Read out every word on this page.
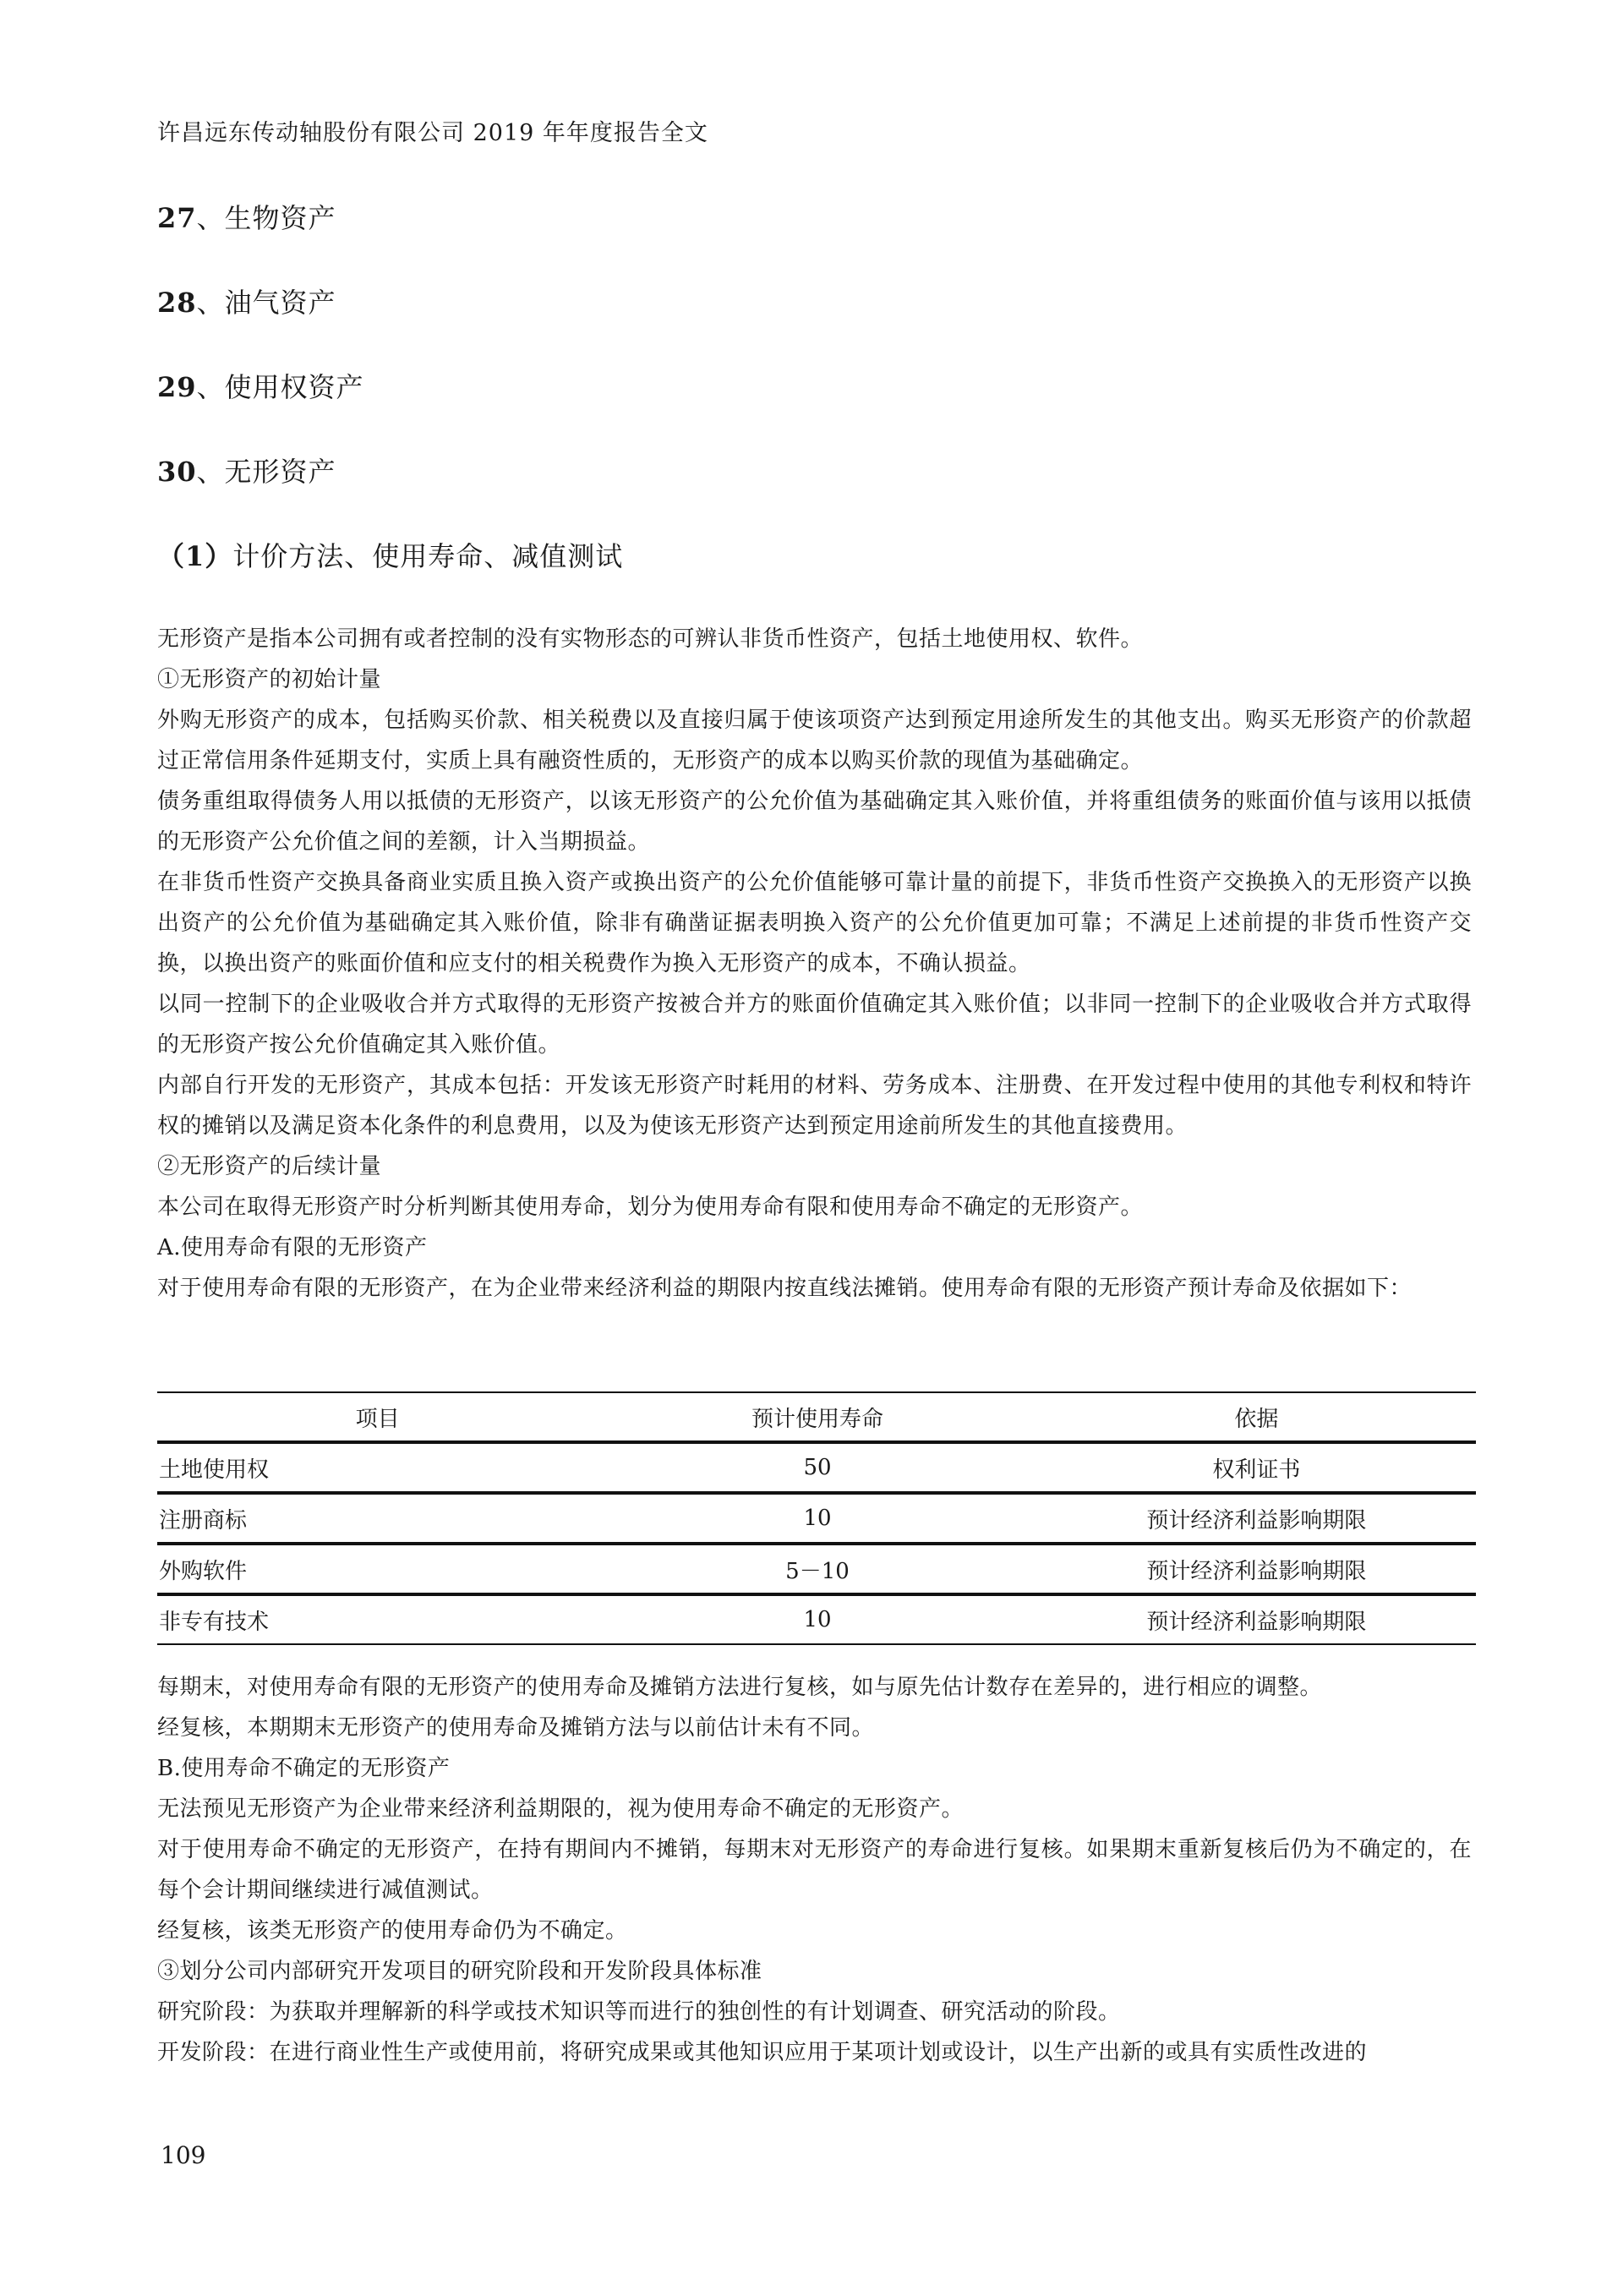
许昌远东传动轴股份有限公司 2019 年年度报告全文
27、生物资产
28、油气资产
29、使用权资产
30、无形资产
（1）计价方法、使用寿命、减值测试

无形资产是指本公司拥有或者控制的没有实物形态的可辨认非货币性资产，包括土地使用权、软件。

①无形资产的初始计量

外购无形资产的成本，包括购买价款、相关税费以及直接归属于使该项资产达到预定用途所发生的其他支出。购买无形资产的价款超过正常信用条件延期支付，实质上具有融资性质的，无形资产的成本以购买价款的现值为基础确定。

债务重组取得债务人用以抵债的无形资产，以该无形资产的公允价值为基础确定其入账价值，并将重组债务的账面价值与该用以抵债的无形资产公允价值之间的差额，计入当期损益。

在非货币性资产交换具备商业实质且换入资产或换出资产的公允价值能够可靠计量的前提下，非货币性资产交换换入的无形资产以换出资产的公允价值为基础确定其入账价值，除非有确凿证据表明换入资产的公允价值更加可靠；不满足上述前提的非货币性资产交换，以换出资产的账面价值和应支付的相关税费作为换入无形资产的成本，不确认损益。

以同一控制下的企业吸收合并方式取得的无形资产按被合并方的账面价值确定其入账价值；以非同一控制下的企业吸收合并方式取得的无形资产按公允价值确定其入账价值。

内部自行开发的无形资产，其成本包括：开发该无形资产时耗用的材料、劳务成本、注册费、在开发过程中使用的其他专利权和特许权的摊销以及满足资本化条件的利息费用，以及为使该无形资产达到预定用途前所发生的其他直接费用。

②无形资产的后续计量

本公司在取得无形资产时分析判断其使用寿命，划分为使用寿命有限和使用寿命不确定的无形资产。

A.使用寿命有限的无形资产

对于使用寿命有限的无形资产，在为企业带来经济利益的期限内按直线法摊销。使用寿命有限的无形资产预计寿命及依据如下：

项目	预计使用寿命	依据
土地使用权	50	权利证书
注册商标	10	预计经济利益影响期限
外购软件	5－10	预计经济利益影响期限
非专有技术	10	预计经济利益影响期限

每期末，对使用寿命有限的无形资产的使用寿命及摊销方法进行复核，如与原先估计数存在差异的，进行相应的调整。

经复核，本期期末无形资产的使用寿命及摊销方法与以前估计未有不同。

B.使用寿命不确定的无形资产

无法预见无形资产为企业带来经济利益期限的，视为使用寿命不确定的无形资产。

对于使用寿命不确定的无形资产，在持有期间内不摊销，每期末对无形资产的寿命进行复核。如果期末重新复核后仍为不确定的，在每个会计期间继续进行减值测试。

经复核，该类无形资产的使用寿命仍为不确定。

③划分公司内部研究开发项目的研究阶段和开发阶段具体标准

研究阶段：为获取并理解新的科学或技术知识等而进行的独创性的有计划调查、研究活动的阶段。

开发阶段：在进行商业性生产或使用前，将研究成果或其他知识应用于某项计划或设计，以生产出新的或具有实质性改进的

109
